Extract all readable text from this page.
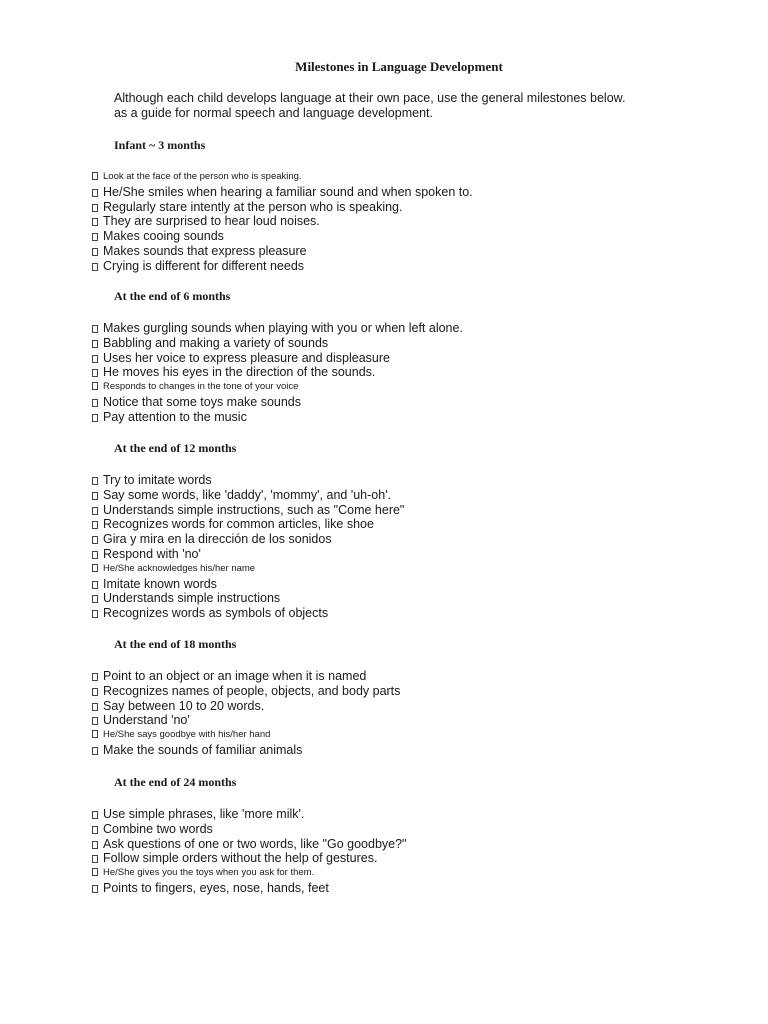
Milestones in Language Development

Although each child develops language at their own pace, use the general milestones below.

as a guide for normal speech and language development.

Infant ~ 3 months
Look at the face of the person who is speaking.
He/She smiles when hearing a familiar sound and when spoken to.
Regularly stare intently at the person who is speaking.
They are surprised to hear loud noises.
Makes cooing sounds
Makes sounds that express pleasure
Crying is different for different needs
At the end of 6 months
Makes gurgling sounds when playing with you or when left alone.
Babbling and making a variety of sounds
Uses her voice to express pleasure and displeasure
He moves his eyes in the direction of the sounds.
Responds to changes in the tone of your voice
Notice that some toys make sounds
Pay attention to the music
At the end of 12 months
Try to imitate words
Say some words, like 'daddy', 'mommy', and 'uh-oh'.
Understands simple instructions, such as "Come here"
Recognizes words for common articles, like shoe
Gira y mira en la dirección de los sonidos
Respond with 'no'
He/She acknowledges his/her name
Imitate known words
Understands simple instructions
Recognizes words as symbols of objects
At the end of 18 months
Point to an object or an image when it is named
Recognizes names of people, objects, and body parts
Say between 10 to 20 words.
Understand 'no'
He/She says goodbye with his/her hand
Make the sounds of familiar animals
At the end of 24 months
Use simple phrases, like 'more milk'.
Combine two words
Ask questions of one or two words, like "Go goodbye?"
Follow simple orders without the help of gestures.
He/She gives you the toys when you ask for them.
Points to fingers, eyes, nose, hands, feet
